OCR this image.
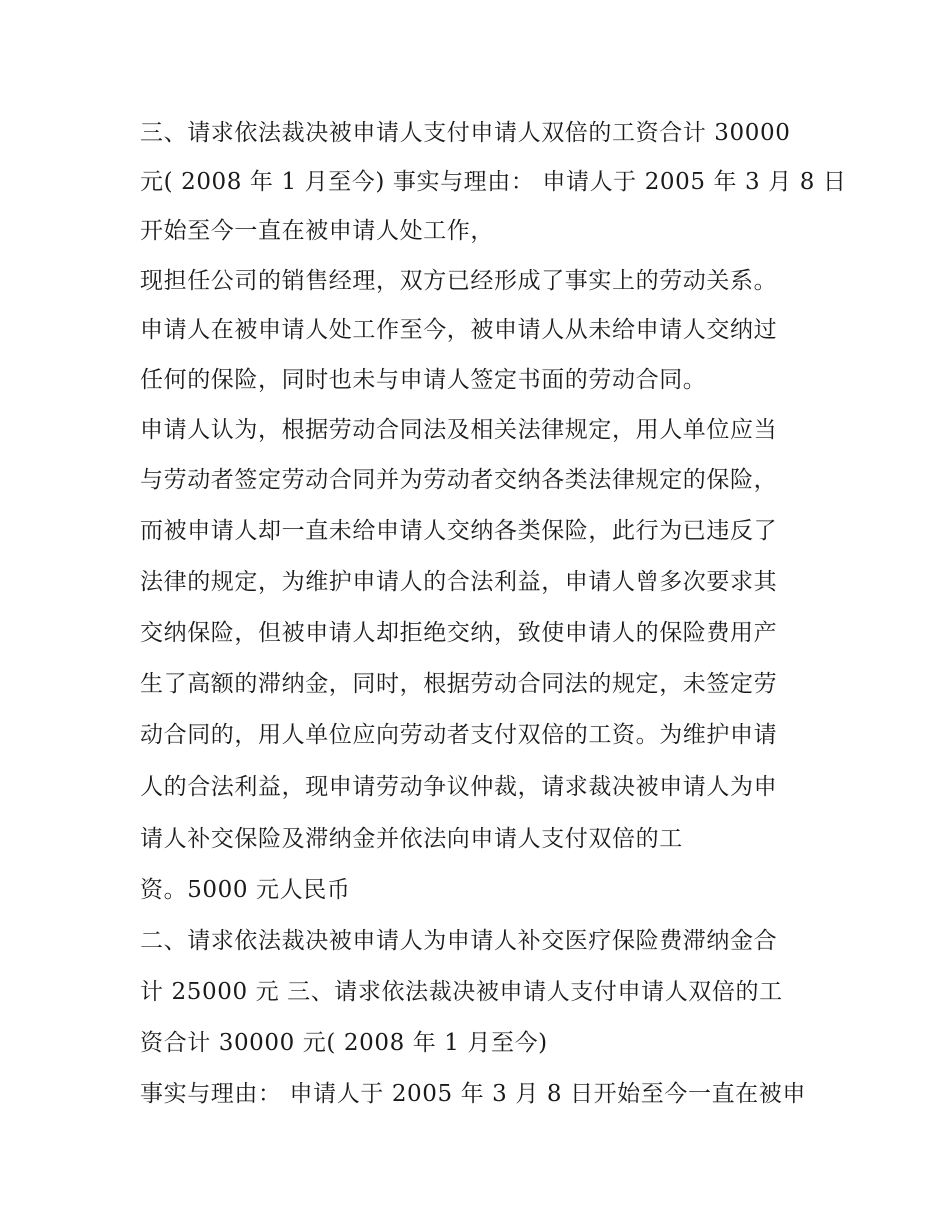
三、请求依法裁决被申请人支付申请人双倍的工资合计 30000
元( 2008 年 1 月至今) 事实与理由： 申请人于 2005 年 3 月 8 日
开始至今一直在被申请人处工作，
现担任公司的销售经理，双方已经形成了事实上的劳动关系。
申请人在被申请人处工作至今，被申请人从未给申请人交纳过
任何的保险，同时也未与申请人签定书面的劳动合同。
申请人认为，根据劳动合同法及相关法律规定，用人单位应当
与劳动者签定劳动合同并为劳动者交纳各类法律规定的保险，
而被申请人却一直未给申请人交纳各类保险，此行为已违反了
法律的规定，为维护申请人的合法利益，申请人曾多次要求其
交纳保险，但被申请人却拒绝交纳，致使申请人的保险费用产
生了高额的滞纳金，同时，根据劳动合同法的规定，未签定劳
动合同的，用人单位应向劳动者支付双倍的工资。为维护申请
人的合法利益，现申请劳动争议仲裁，请求裁决被申请人为申
请人补交保险及滞纳金并依法向申请人支付双倍的工
资。5000 元人民币
二、请求依法裁决被申请人为申请人补交医疗保险费滞纳金合
计 25000 元 三、请求依法裁决被申请人支付申请人双倍的工
资合计 30000 元( 2008 年 1 月至今)
事实与理由： 申请人于 2005 年 3 月 8 日开始至今一直在被申
